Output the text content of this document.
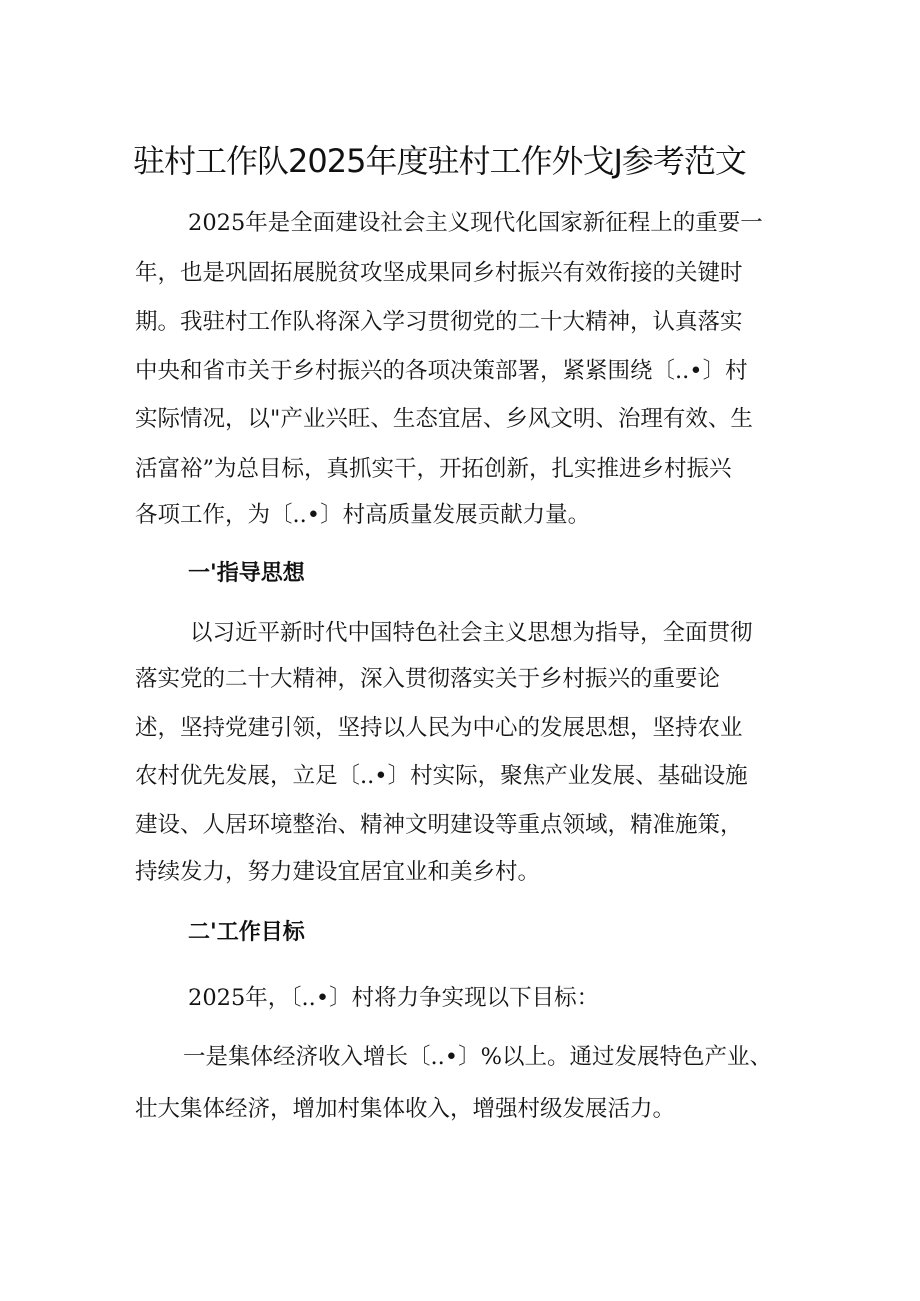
驻村工作队2025年度驻村工作外戈J参考范文

2025年是全面建设社会主义现代化国家新征程上的重要一

年，也是巩固拓展脱贫攻坚成果同乡村振兴有效衔接的关键时

期。我驻村工作队将深入学习贯彻党的二十大精神，认真落实

中央和省市关于乡村振兴的各项决策部署，紧紧围绕〔..•〕村

实际情况，以"产业兴旺、生态宜居、乡风文明、治理有效、生

活富裕”为总目标，真抓实干，开拓创新，扎实推进乡村振兴

各项工作，为〔..•〕村高质量发展贡献力量。

一'指导思想

以习近平新时代中国特色社会主义思想为指导，全面贯彻

落实党的二十大精神，深入贯彻落实关于乡村振兴的重要论

述，坚持党建引领，坚持以人民为中心的发展思想，坚持农业

农村优先发展，立足〔..•〕村实际，聚焦产业发展、基础设施

建设、人居环境整治、精神文明建设等重点领域，精准施策，

持续发力，努力建设宜居宜业和美乡村。

二'工作目标

2025年，〔..•〕村将力争实现以下目标：

一是集体经济收入增长〔..•〕%以上。通过发展特色产业、

壮大集体经济，增加村集体收入，增强村级发展活力。
